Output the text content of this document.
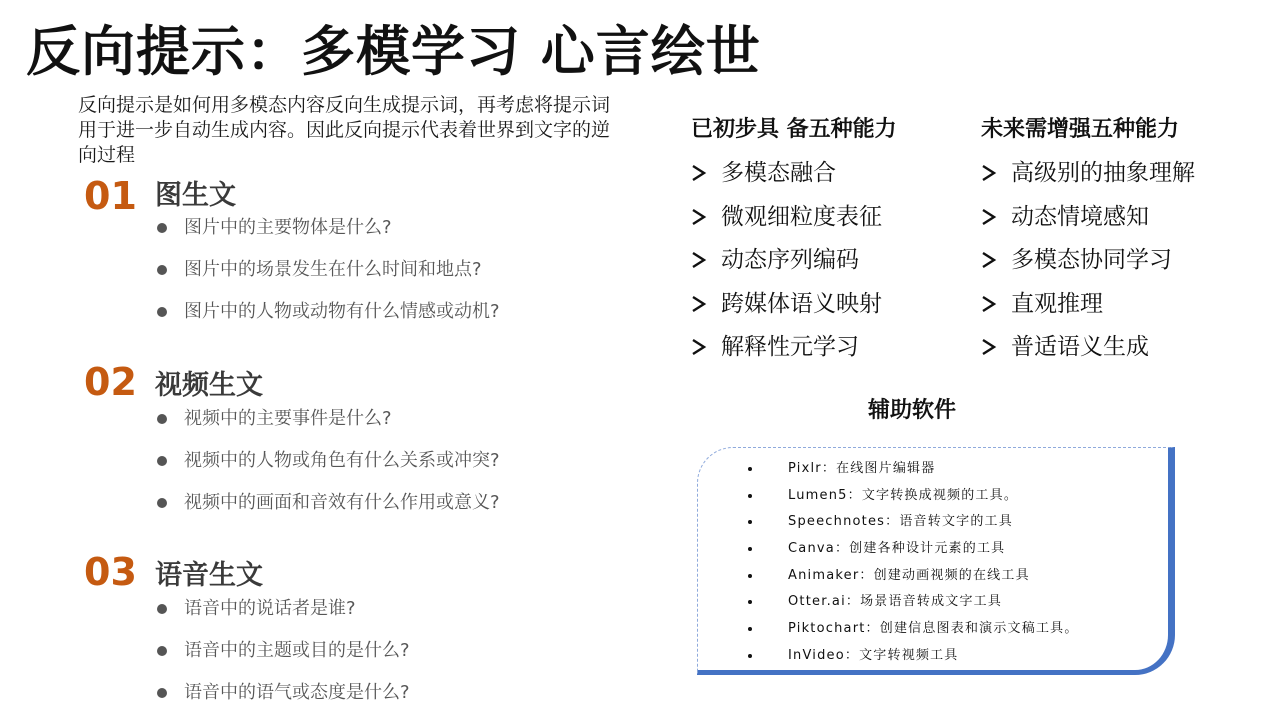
反向提示：多模学习 心言绘世
反向提示是如何用多模态内容反向生成提示词，再考虑将提示词用于进一步自动生成内容。因此反向提示代表着世界到文字的逆向过程
01 图生文
图片中的主要物体是什么?
图片中的场景发生在什么时间和地点?
图片中的人物或动物有什么情感或动机?
02 视频生文
视频中的主要事件是什么?
视频中的人物或角色有什么关系或冲突?
视频中的画面和音效有什么作用或意义?
03 语音生文
语音中的说话者是谁?
语音中的主题或目的是什么?
语音中的语气或态度是什么?
已初步具 备五种能力
多模态融合
微观细粒度表征
动态序列编码
跨媒体语义映射
解释性元学习
未来需增强五种能力
高级别的抽象理解
动态情境感知
多模态协同学习
直观推理
普适语义生成
辅助软件
Pixlr：在线图片编辑器
Lumen5：文字转换成视频的工具。
Speechnotes：语音转文字的工具
Canva：创建各种设计元素的工具
Animaker：创建动画视频的在线工具
Otter.ai：场景语音转成文字工具
Piktochart：创建信息图表和演示文稿工具。
InVideo：文字转视频工具
